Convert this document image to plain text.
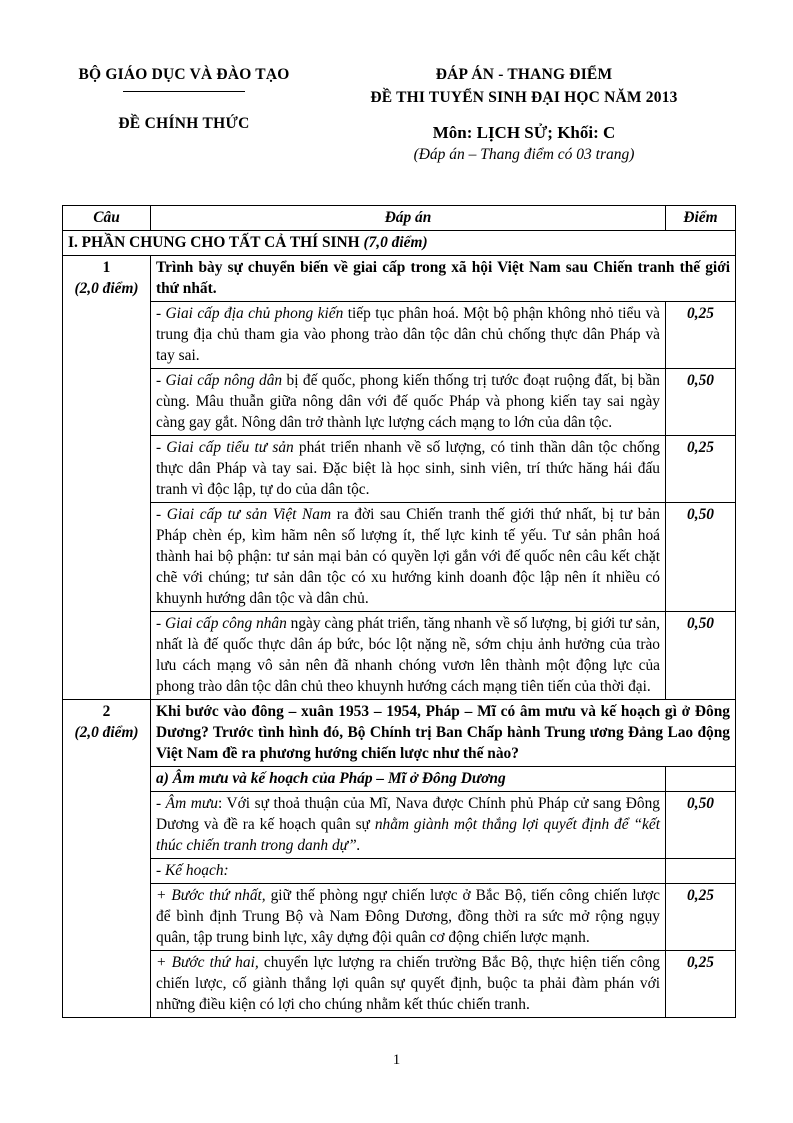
BỘ GIÁO DỤC VÀ ĐÀO TẠO
ĐỀ CHÍNH THỨC
ĐÁP ÁN - THANG ĐIỂM
ĐỀ THI TUYỂN SINH ĐẠI HỌC NĂM 2013
Môn: LỊCH SỬ; Khối: C
(Đáp án – Thang điểm có 03 trang)
Câu	Đáp án	Điểm
I. PHẦN CHUNG CHO TẤT CẢ THÍ SINH (7,0 điểm)		

1
(2,0 điểm)	Trình bày sự chuyển biến về giai cấp trong xã hội Việt Nam sau Chiến tranh thế giới thứ nhất.	
	- Giai cấp địa chủ phong kiến tiếp tục phân hoá. Một bộ phận không nhỏ tiểu và trung địa chủ tham gia vào phong trào dân tộc dân chủ chống thực dân Pháp và tay sai.	0,25
	- Giai cấp nông dân bị đế quốc, phong kiến thống trị tước đoạt ruộng đất, bị bần cùng. Mâu thuẫn giữa nông dân với đế quốc Pháp và phong kiến tay sai ngày càng gay gắt. Nông dân trở thành lực lượng cách mạng to lớn của dân tộc.	0,50
	- Giai cấp tiểu tư sản phát triển nhanh về số lượng, có tinh thần dân tộc chống thực dân Pháp và tay sai. Đặc biệt là học sinh, sinh viên, trí thức hăng hái đấu tranh vì độc lập, tự do của dân tộc.	0,25
	- Giai cấp tư sản Việt Nam ra đời sau Chiến tranh thế giới thứ nhất, bị tư bản Pháp chèn ép, kìm hãm nên số lượng ít, thế lực kinh tế yếu. Tư sản phân hoá thành hai bộ phận: tư sản mại bản có quyền lợi gắn với đế quốc nên câu kết chặt chẽ với chúng; tư sản dân tộc có xu hướng kinh doanh độc lập nên ít nhiều có khuynh hướng dân tộc và dân chủ.	0,50
	- Giai cấp công nhân ngày càng phát triển, tăng nhanh về số lượng, bị giới tư sản, nhất là đế quốc thực dân áp bức, bóc lột nặng nề, sớm chịu ảnh hưởng của trào lưu cách mạng vô sản nên đã nhanh chóng vươn lên thành một động lực của phong trào dân tộc dân chủ theo khuynh hướng cách mạng tiên tiến của thời đại.	0,50

2
(2,0 điểm)	Khi bước vào đông – xuân 1953 – 1954, Pháp – Mĩ có âm mưu và kế hoạch gì ở Đông Dương? Trước tình hình đó, Bộ Chính trị Ban Chấp hành Trung ương Đảng Lao động Việt Nam đề ra phương hướng chiến lược như thế nào?	
	a) Âm mưu và kế hoạch của Pháp – Mĩ ở Đông Dương	
	- Âm mưu: Với sự thoả thuận của Mĩ, Nava được Chính phủ Pháp cử sang Đông Dương và đề ra kế hoạch quân sự nhằm giành một thắng lợi quyết định để “kết thúc chiến tranh trong danh dự”.	0,50
	- Kế hoạch:	
	+ Bước thứ nhất, giữ thế phòng ngự chiến lược ở Bắc Bộ, tiến công chiến lược để bình định Trung Bộ và Nam Đông Dương, đồng thời ra sức mở rộng ngụy quân, tập trung binh lực, xây dựng đội quân cơ động chiến lược mạnh.	0,25
	+ Bước thứ hai, chuyển lực lượng ra chiến trường Bắc Bộ, thực hiện tiến công chiến lược, cố giành thắng lợi quân sự quyết định, buộc ta phải đàm phán với những điều kiện có lợi cho chúng nhằm kết thúc chiến tranh.	0,25
1
